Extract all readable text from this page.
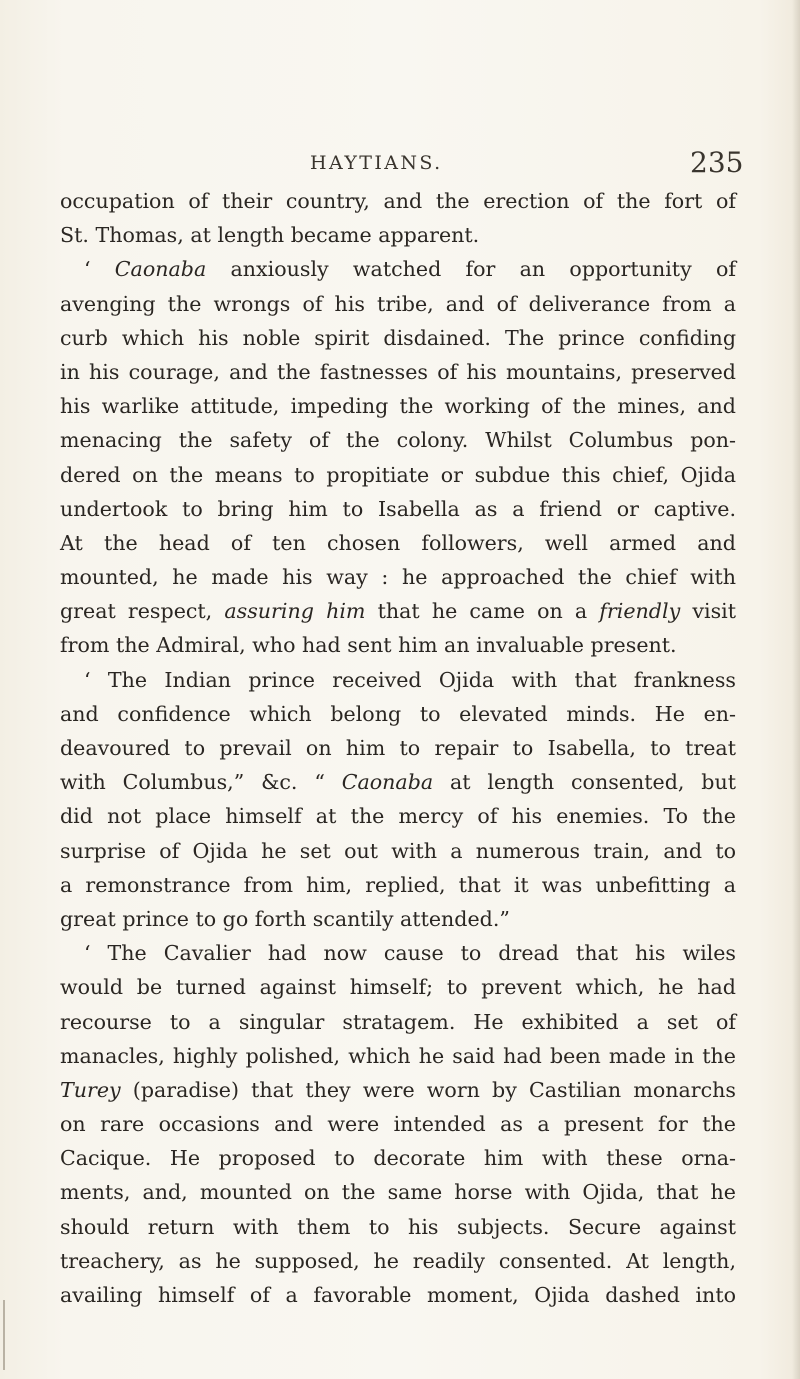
HAYTIANS.	235
occupation of their country, and the erection of the fort of
St. Thomas, at length became apparent.
‘ Caonaba anxiously watched for an opportunity of
avenging the wrongs of his tribe, and of deliverance from a
curb which his noble spirit disdained. The prince confiding
in his courage, and the fastnesses of his mountains, preserved
his warlike attitude, impeding the working of the mines, and
menacing the safety of the colony. Whilst Columbus pon-
dered on the means to propitiate or subdue this chief, Ojida
undertook to bring him to Isabella as a friend or captive.
At the head of ten chosen followers, well armed and
mounted, he made his way : he approached the chief with
great respect, assuring him that he came on a friendly visit
from the Admiral, who had sent him an invaluable present.
‘ The Indian prince received Ojida with that frankness
and confidence which belong to elevated minds. He en-
deavoured to prevail on him to repair to Isabella, to treat
with Columbus,” &c. “ Caonaba at length consented, but
did not place himself at the mercy of his enemies. To the
surprise of Ojida he set out with a numerous train, and to
a remonstrance from him, replied, that it was unbefitting a
great prince to go forth scantily attended.”
‘ The Cavalier had now cause to dread that his wiles
would be turned against himself; to prevent which, he had
recourse to a singular stratagem. He exhibited a set of
manacles, highly polished, which he said had been made in the
Turey (paradise) that they were worn by Castilian monarchs
on rare occasions and were intended as a present for the
Cacique. He proposed to decorate him with these orna-
ments, and, mounted on the same horse with Ojida, that he
should return with them to his subjects. Secure against
treachery, as he supposed, he readily consented. At length,
availing himself of a favorable moment, Ojida dashed into
